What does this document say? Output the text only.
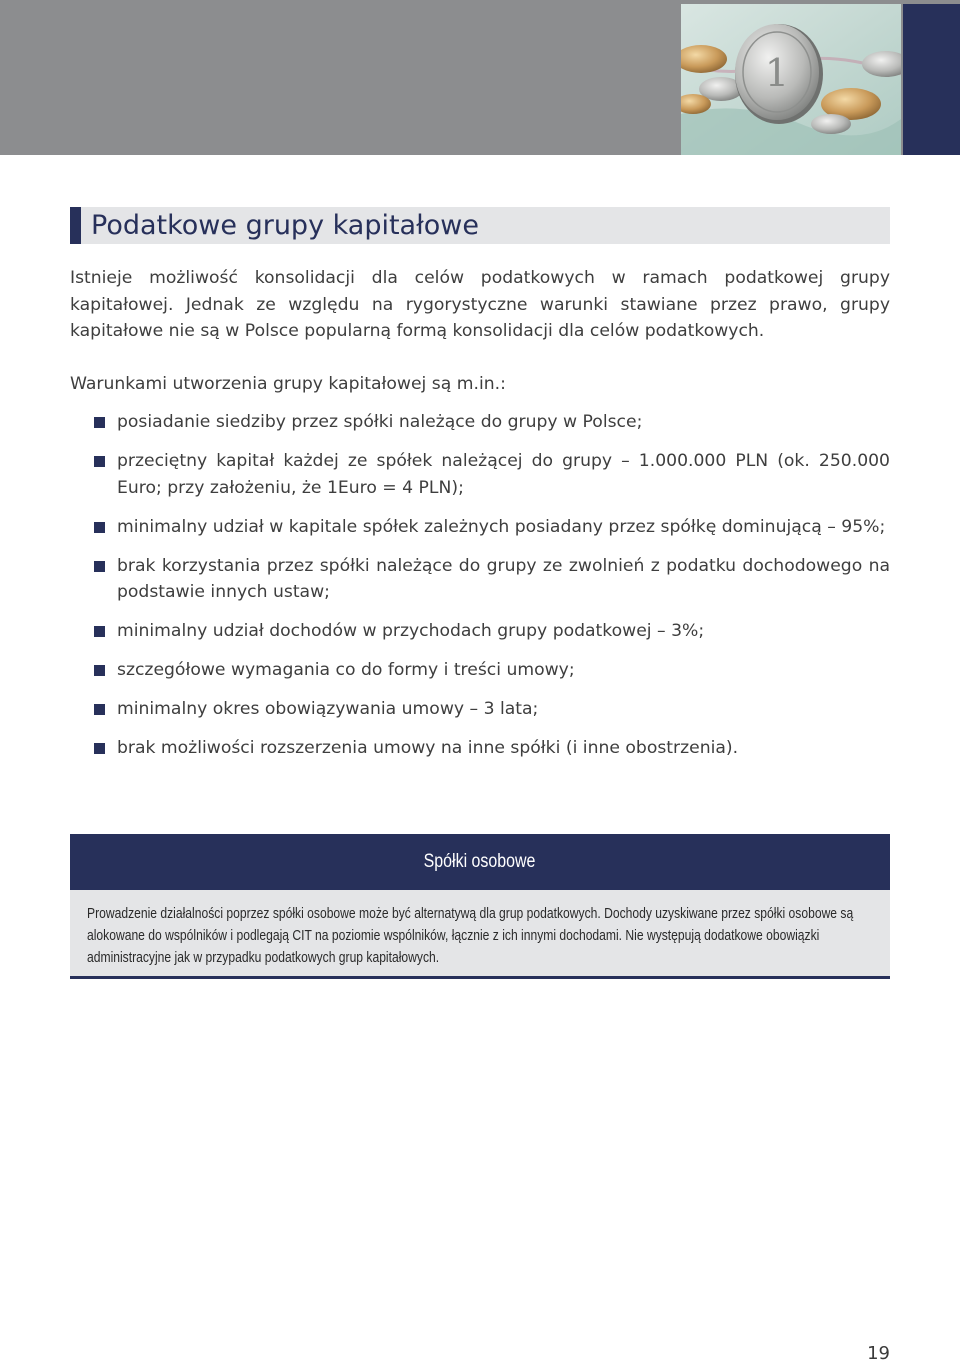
1
Podatkowe grupy kapitałowe

Istnieje możliwość konsolidacji dla celów podatkowych w ramach podatkowej grupy kapitałowej. Jednak ze względu na rygorystyczne warunki stawiane przez prawo, grupy kapitałowe nie są w Polsce popularną formą konsolidacji dla celów podatkowych.

Warunkami utworzenia grupy kapitałowej są m.in.:

posiadanie siedziby przez spółki należące do grupy w Polsce;
przeciętny kapitał każdej ze spółek należącej do grupy – 1.000.000 PLN (ok. 250.000 Euro; przy założeniu, że 1Euro = 4 PLN);
minimalny udział w kapitale spółek zależnych posiadany przez spółkę dominującą – 95%;
brak korzystania przez spółki należące do grupy ze zwolnień z podatku dochodowego na podstawie innych ustaw;
minimalny udział dochodów w przychodach grupy podatkowej – 3%;
szczegółowe wymagania co do formy i treści umowy;
minimalny okres obowiązywania umowy – 3 lata;
brak możliwości rozszerzenia umowy na inne spółki (i inne obostrzenia).
Spółki osobowe

Prowadzenie działalności poprzez spółki osobowe może być alternatywą dla grup podatkowych. Dochody uzyskiwane przez spółki osobowe są alokowane do wspólników i podlegają CIT na poziomie wspólników, łącznie z ich innymi dochodami. Nie występują dodatkowe obowiązki administracyjne jak w przypadku podatkowych grup kapitałowych.

19
